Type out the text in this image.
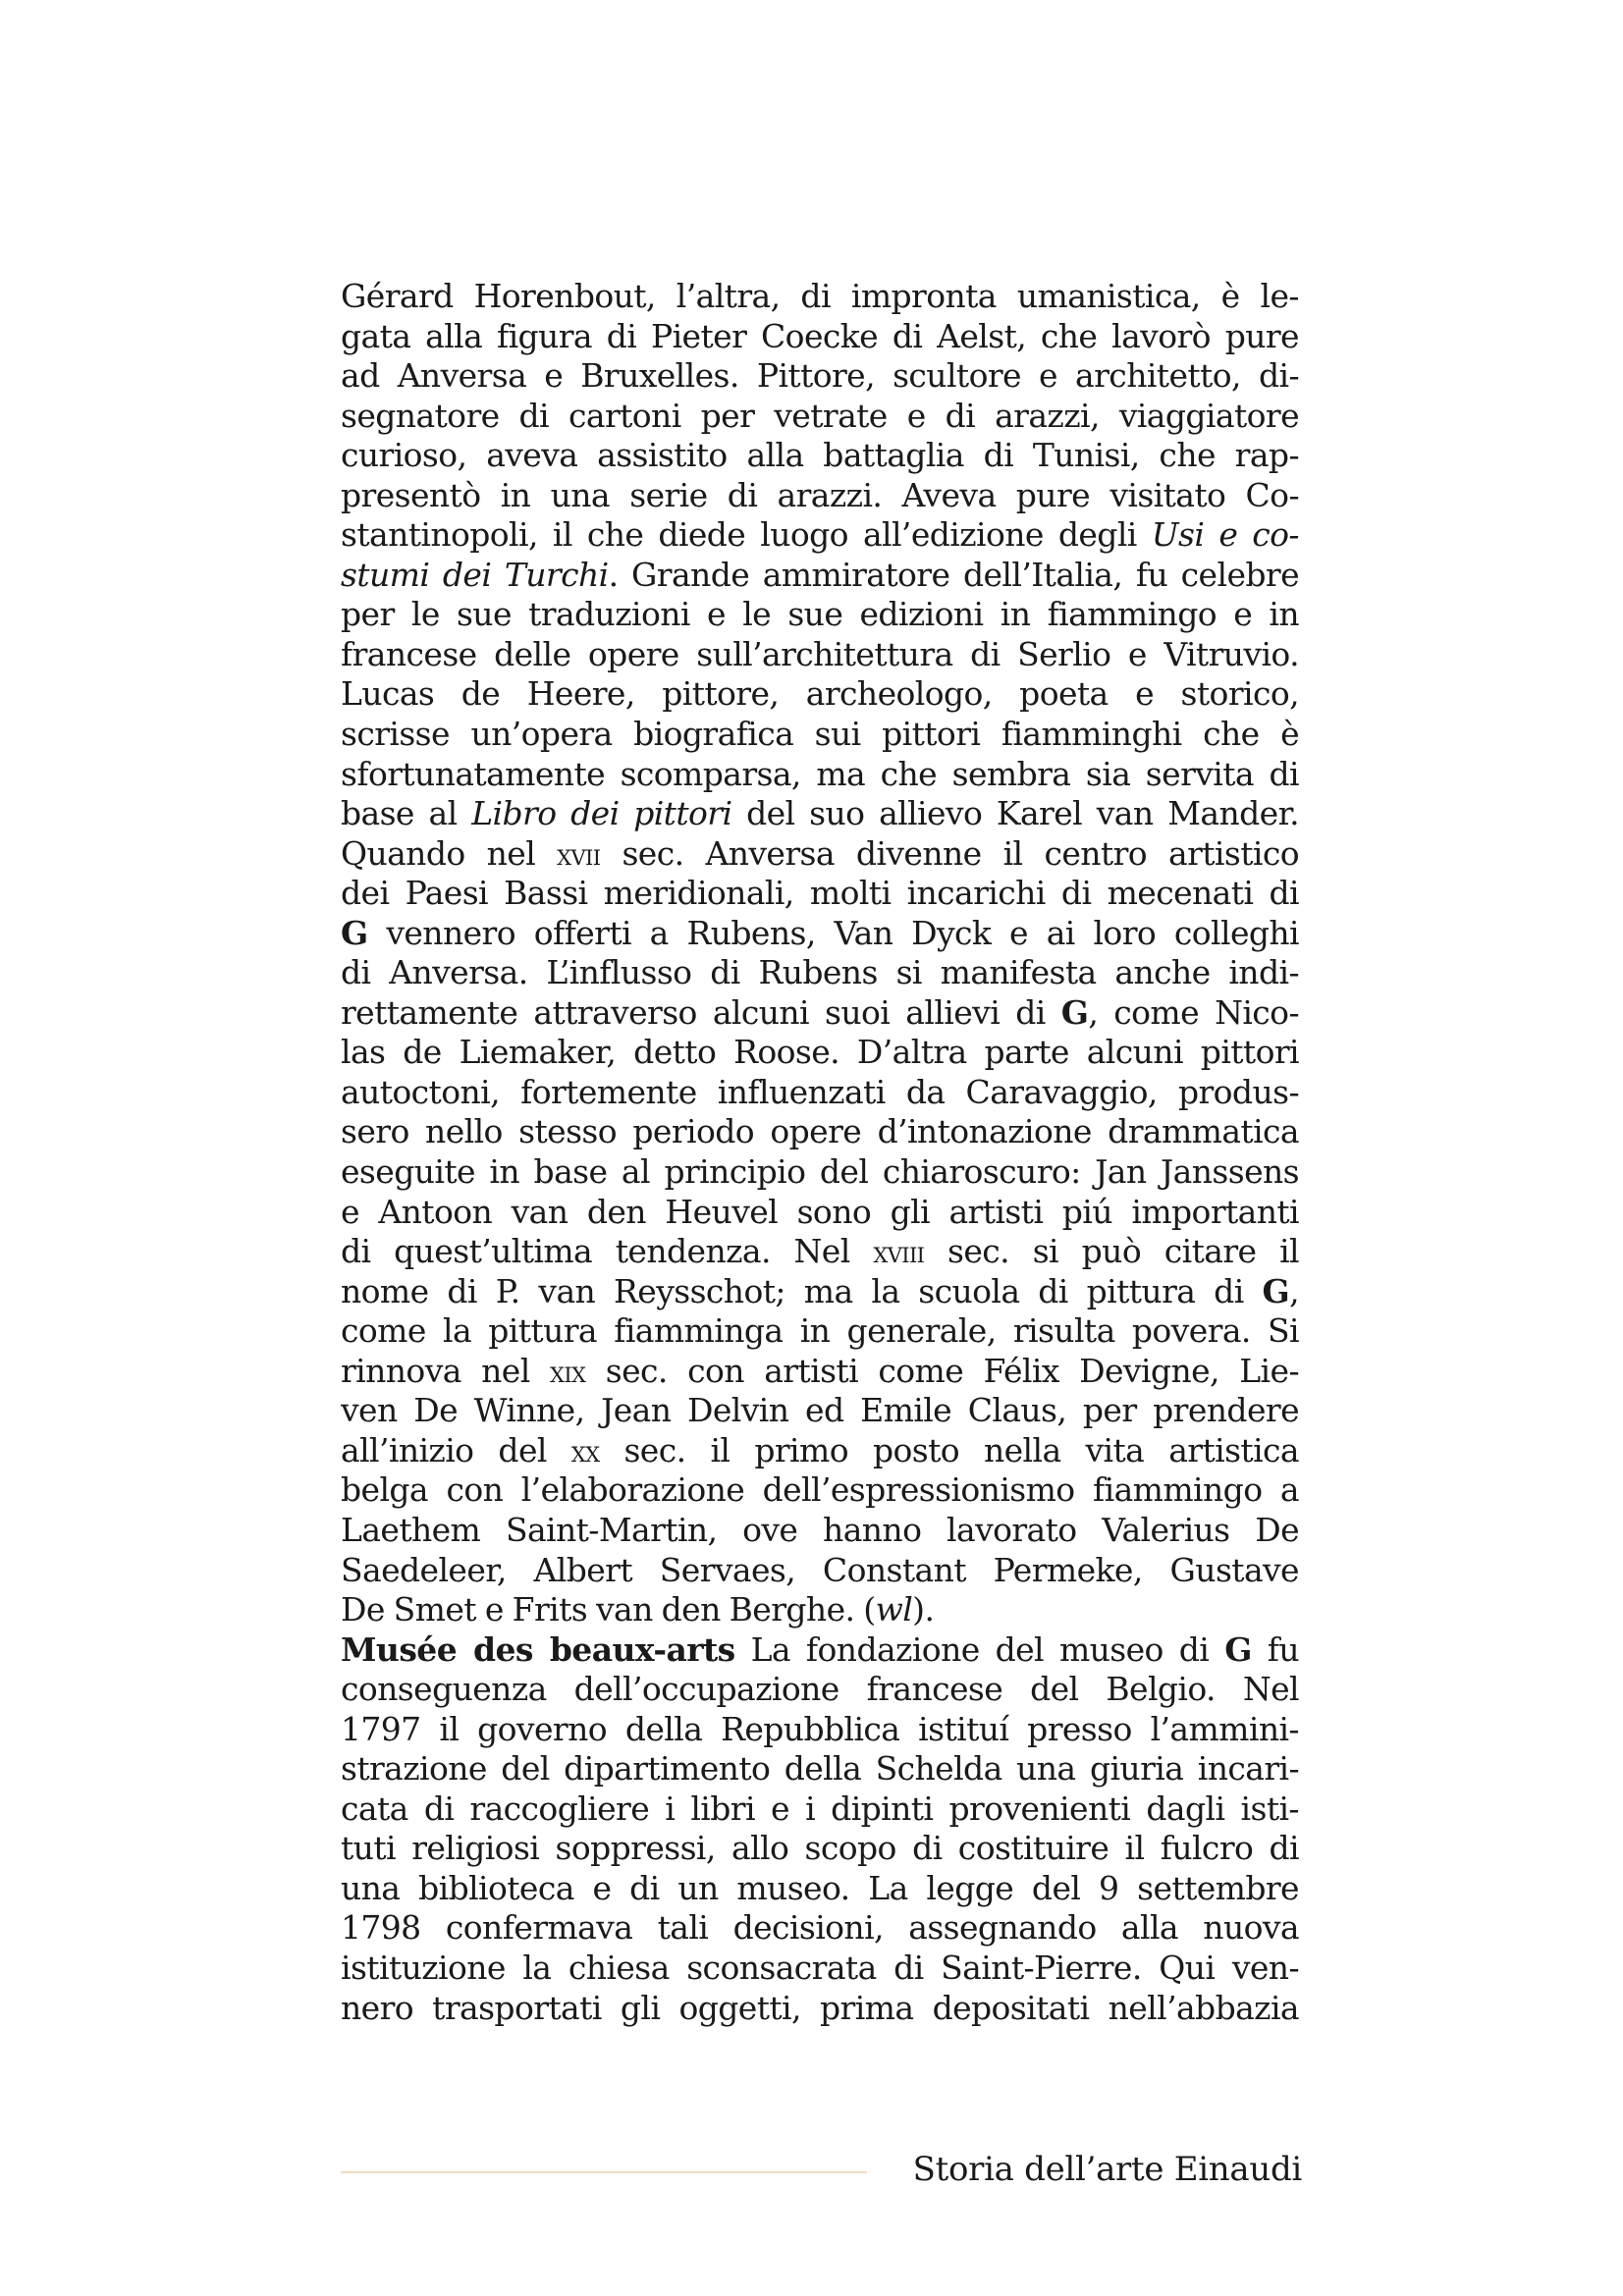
Gérard Horenbout, l’altra, di impronta umanistica, è le-
gata alla figura di Pieter Coecke di Aelst, che lavorò pure
ad Anversa e Bruxelles. Pittore, scultore e architetto, di-
segnatore di cartoni per vetrate e di arazzi, viaggiatore
curioso, aveva assistito alla battaglia di Tunisi, che rap-
presentò in una serie di arazzi. Aveva pure visitato Co-
stantinopoli, il che diede luogo all’edizione degli Usi e co-
stumi dei Turchi. Grande ammiratore dell’Italia, fu celebre
per le sue traduzioni e le sue edizioni in fiammingo e in
francese delle opere sull’architettura di Serlio e Vitruvio.
Lucas de Heere, pittore, archeologo, poeta e storico,
scrisse un’opera biografica sui pittori fiamminghi che è
sfortunatamente scomparsa, ma che sembra sia servita di
base al Libro dei pittori del suo allievo Karel van Mander.
Quando nel xvii sec. Anversa divenne il centro artistico
dei Paesi Bassi meridionali, molti incarichi di mecenati di
G vennero offerti a Rubens, Van Dyck e ai loro colleghi
di Anversa. L’influsso di Rubens si manifesta anche indi-
rettamente attraverso alcuni suoi allievi di G, come Nico-
las de Liemaker, detto Roose. D’altra parte alcuni pittori
autoctoni, fortemente influenzati da Caravaggio, produs-
sero nello stesso periodo opere d’intonazione drammatica
eseguite in base al principio del chiaroscuro: Jan Janssens
e Antoon van den Heuvel sono gli artisti piú importanti
di quest’ultima tendenza. Nel xviii sec. si può citare il
nome di P. van Reysschot; ma la scuola di pittura di G,
come la pittura fiamminga in generale, risulta povera. Si
rinnova nel xix sec. con artisti come Félix Devigne, Lie-
ven De Winne, Jean Delvin ed Emile Claus, per prendere
all’inizio del xx sec. il primo posto nella vita artistica
belga con l’elaborazione dell’espressionismo fiammingo a
Laethem Saint-Martin, ove hanno lavorato Valerius De
Saedeleer, Albert Servaes, Constant Permeke, Gustave
De Smet e Frits van den Berghe. (wl).
Musée des beaux-arts La fondazione del museo di G fu
conseguenza dell’occupazione francese del Belgio. Nel
1797 il governo della Repubblica istituí presso l’ammini-
strazione del dipartimento della Schelda una giuria incari-
cata di raccogliere i libri e i dipinti provenienti dagli isti-
tuti religiosi soppressi, allo scopo di costituire il fulcro di
una biblioteca e di un museo. La legge del 9 settembre
1798 confermava tali decisioni, assegnando alla nuova
istituzione la chiesa sconsacrata di Saint-Pierre. Qui ven-
nero trasportati gli oggetti, prima depositati nell’abbazia
Storia dell’arte Einaudi
